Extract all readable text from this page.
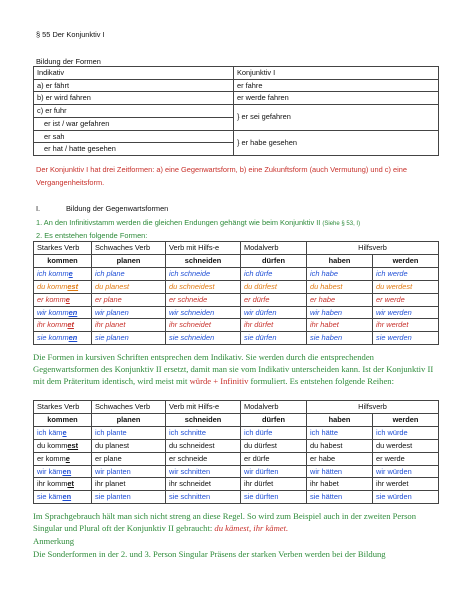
§ 55 Der Konjunktiv I
Bildung der Formen
Indikativ	Konjunktiv I
a) er fährt	er fahre
b) er wird fahren	er werde fahren
c) er fuhr	} er sei gefahren
er ist / war gefahren	
er sah	} er habe gesehen
er hat / hatte gesehen	
Der Konjunktiv I hat drei Zeitformen: a) eine Gegenwartsform, b) eine Zukunftsform (auch Vermutung) und c) eine Vergangenheitsform.
I.	Bildung der Gegenwartsformen
1. An den Infinitivstamm werden die gleichen Endungen gehängt wie beim Konjunktiv II (Siehe § 53, I)
2. Es entstehen folgende Formen:
Starkes Verb	Schwaches Verb	Verb mit Hilfs-e	Modalverb	Hilfsverb	
kommen	planen	schneiden	dürfen	haben	werden
ich komme	ich plane	ich schneide	ich dürfe	ich habe	ich werde
du kommest	du planest	du schneidest	du dürfest	du habest	du werdest
er komme	er plane	er schneide	er dürfe	er habe	er werde
wir kommen	wir planen	wir schneiden	wir dürfen	wir haben	wir werden
ihr kommet	ihr planet	ihr schneidet	ihr dürfet	ihr habet	ihr werdet
sie kommen	sie planen	sie schneiden	sie dürfen	sie haben	sie werden
Die Formen in kursiven Schriften entsprechen dem Indikativ. Sie werden durch die entsprechenden Gegenwartsformen des Konjunktiv II ersetzt, damit man sie vom Indikativ unterscheiden kann. Ist der Konjunktiv II mit dem Präteritum identisch, wird meist mit würde + Infinitiv formuliert. Es entstehen folgende Reihen:
Starkes Verb	Schwaches Verb	Verb mit Hilfs-e	Modalverb	Hilfsverb	
kommen	planen	schneiden	dürfen	haben	werden
ich käme	ich plante	ich schnitte	ich dürfe	ich hätte	ich würde
du kommest	du planest	du schneidest	du dürfest	du habest	du werdest
er komme	er plane	er schneide	er dürfe	er habe	er werde
wir kämen	wir planten	wir schnitten	wir dürften	wir hätten	wir würden
ihr kommet	ihr planet	ihr schneidet	ihr dürfet	ihr habet	ihr werdet
sie kämen	sie planten	sie schnitten	sie dürften	sie hätten	sie würden
Im Sprachgebrauch hält man sich nicht streng an diese Regel. So wird zum Beispiel auch in der zweiten Person Singular und Plural oft der Konjunktiv II gebraucht: du kämest, ihr kämet.
Anmerkung
Die Sonderformen in der 2. und 3. Person Singular Präsens der starken Verben werden bei der Bildung
